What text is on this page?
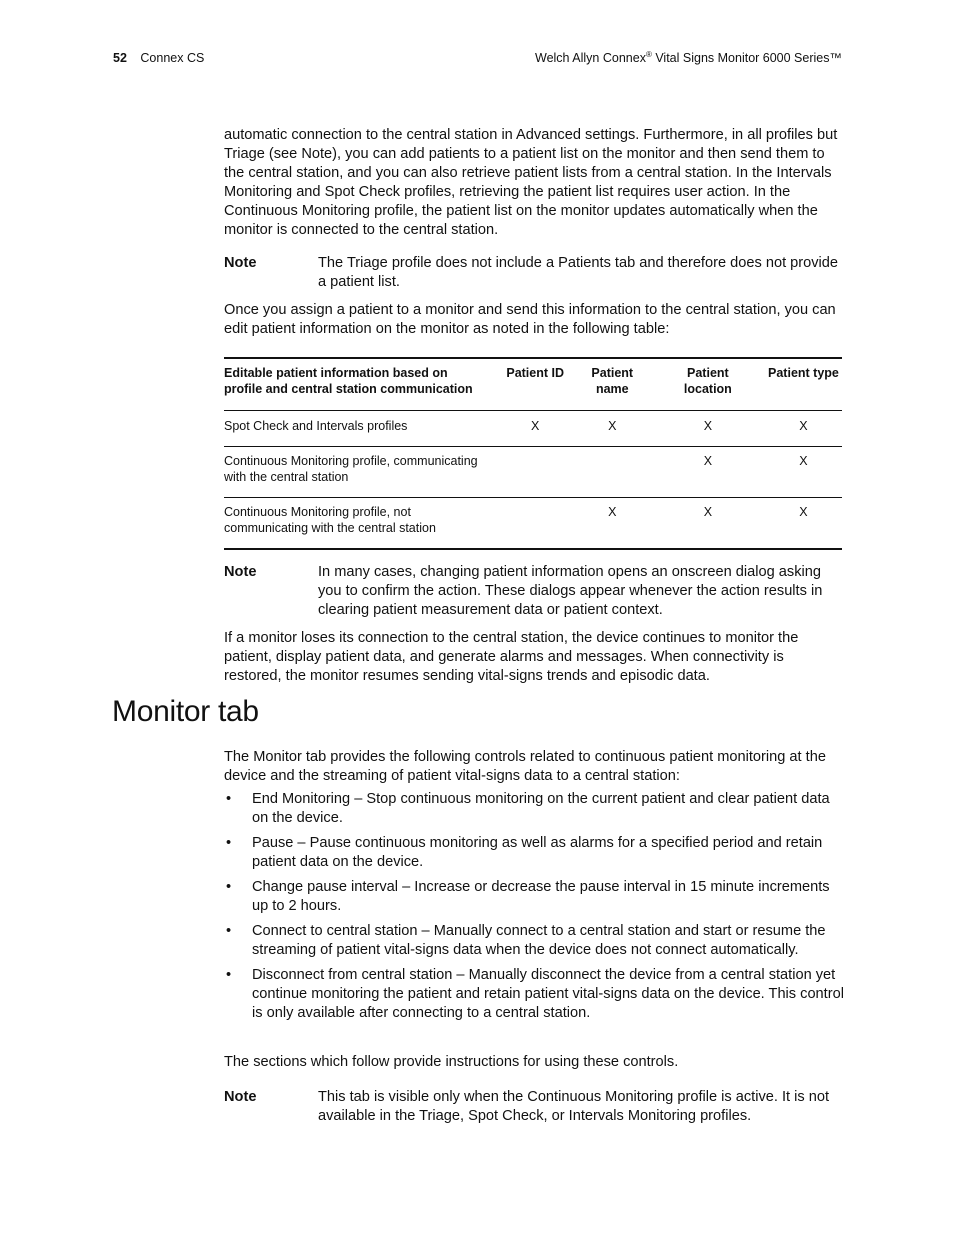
52 Connex CS	Welch Allyn Connex® Vital Signs Monitor 6000 Series™

automatic connection to the central station in Advanced settings. Furthermore, in all profiles but Triage (see Note), you can add patients to a patient list on the monitor and then send them to the central station, and you can also retrieve patient lists from a central station. In the Intervals Monitoring and Spot Check profiles, retrieving the patient list requires user action. In the Continuous Monitoring profile, the patient list on the monitor updates automatically when the monitor is connected to the central station.

Note	The Triage profile does not include a Patients tab and therefore does not provide a patient list.

Once you assign a patient to a monitor and send this information to the central station, you can edit patient information on the monitor as noted in the following table:

Editable patient information based on profile and central station communication	Patient ID	Patient name	Patient location	Patient type
Spot Check and Intervals profiles	X	X	X	X
Continuous Monitoring profile, communicating with the central station			X	X
Continuous Monitoring profile, not communicating with the central station		X	X	X
Note	In many cases, changing patient information opens an onscreen dialog asking you to confirm the action. These dialogs appear whenever the action results in clearing patient measurement data or patient context.

If a monitor loses its connection to the central station, the device continues to monitor the patient, display patient data, and generate alarms and messages. When connectivity is restored, the monitor resumes sending vital-signs trends and episodic data.

Monitor tab

The Monitor tab provides the following controls related to continuous patient monitoring at the device and the streaming of patient vital-signs data to a central station:

• End Monitoring – Stop continuous monitoring on the current patient and clear patient data on the device.
• Pause – Pause continuous monitoring as well as alarms for a specified period and retain patient data on the device.
• Change pause interval – Increase or decrease the pause interval in 15 minute increments up to 2 hours.
• Connect to central station – Manually connect to a central station and start or resume the streaming of patient vital-signs data when the device does not connect automatically.
• Disconnect from central station – Manually disconnect the device from a central station yet continue monitoring the patient and retain patient vital-signs data on the device. This control is only available after connecting to a central station.

The sections which follow provide instructions for using these controls.

Note	This tab is visible only when the Continuous Monitoring profile is active. It is not available in the Triage, Spot Check, or Intervals Monitoring profiles.
